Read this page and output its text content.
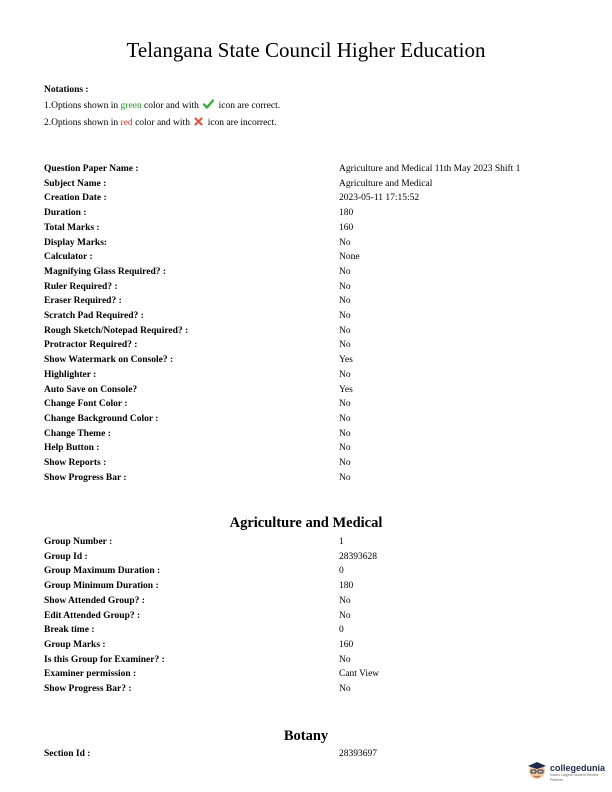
Telangana State Council Higher Education
Notations :
1.Options shown in green color and with icon are correct.
2.Options shown in red color and with icon are incorrect.
Question Paper Name :	Agriculture and Medical 11th May 2023 Shift 1
Subject Name :	Agriculture and Medical
Creation Date :	2023-05-11 17:15:52
Duration :	180
Total Marks :	160
Display Marks:	No
Calculator :	None
Magnifying Glass Required? :	No
Ruler Required? :	No
Eraser Required? :	No
Scratch Pad Required? :	No
Rough Sketch/Notepad Required? :	No
Protractor Required? :	No
Show Watermark on Console? :	Yes
Highlighter :	No
Auto Save on Console?	Yes
Change Font Color :	No
Change Background Color :	No
Change Theme :	No
Help Button :	No
Show Reports :	No
Show Progress Bar :	No
Agriculture and Medical
Group Number :	1
Group Id :	28393628
Group Maximum Duration :	0
Group Minimum Duration :	180
Show Attended Group? :	No
Edit Attended Group? :	No
Break time :	0
Group Marks :	160
Is this Group for Examiner? :	No
Examiner permission :	Cant View
Show Progress Bar? :	No
Botany
Section Id :	28393697
collegedunia
India's Largest Student Review Platform
